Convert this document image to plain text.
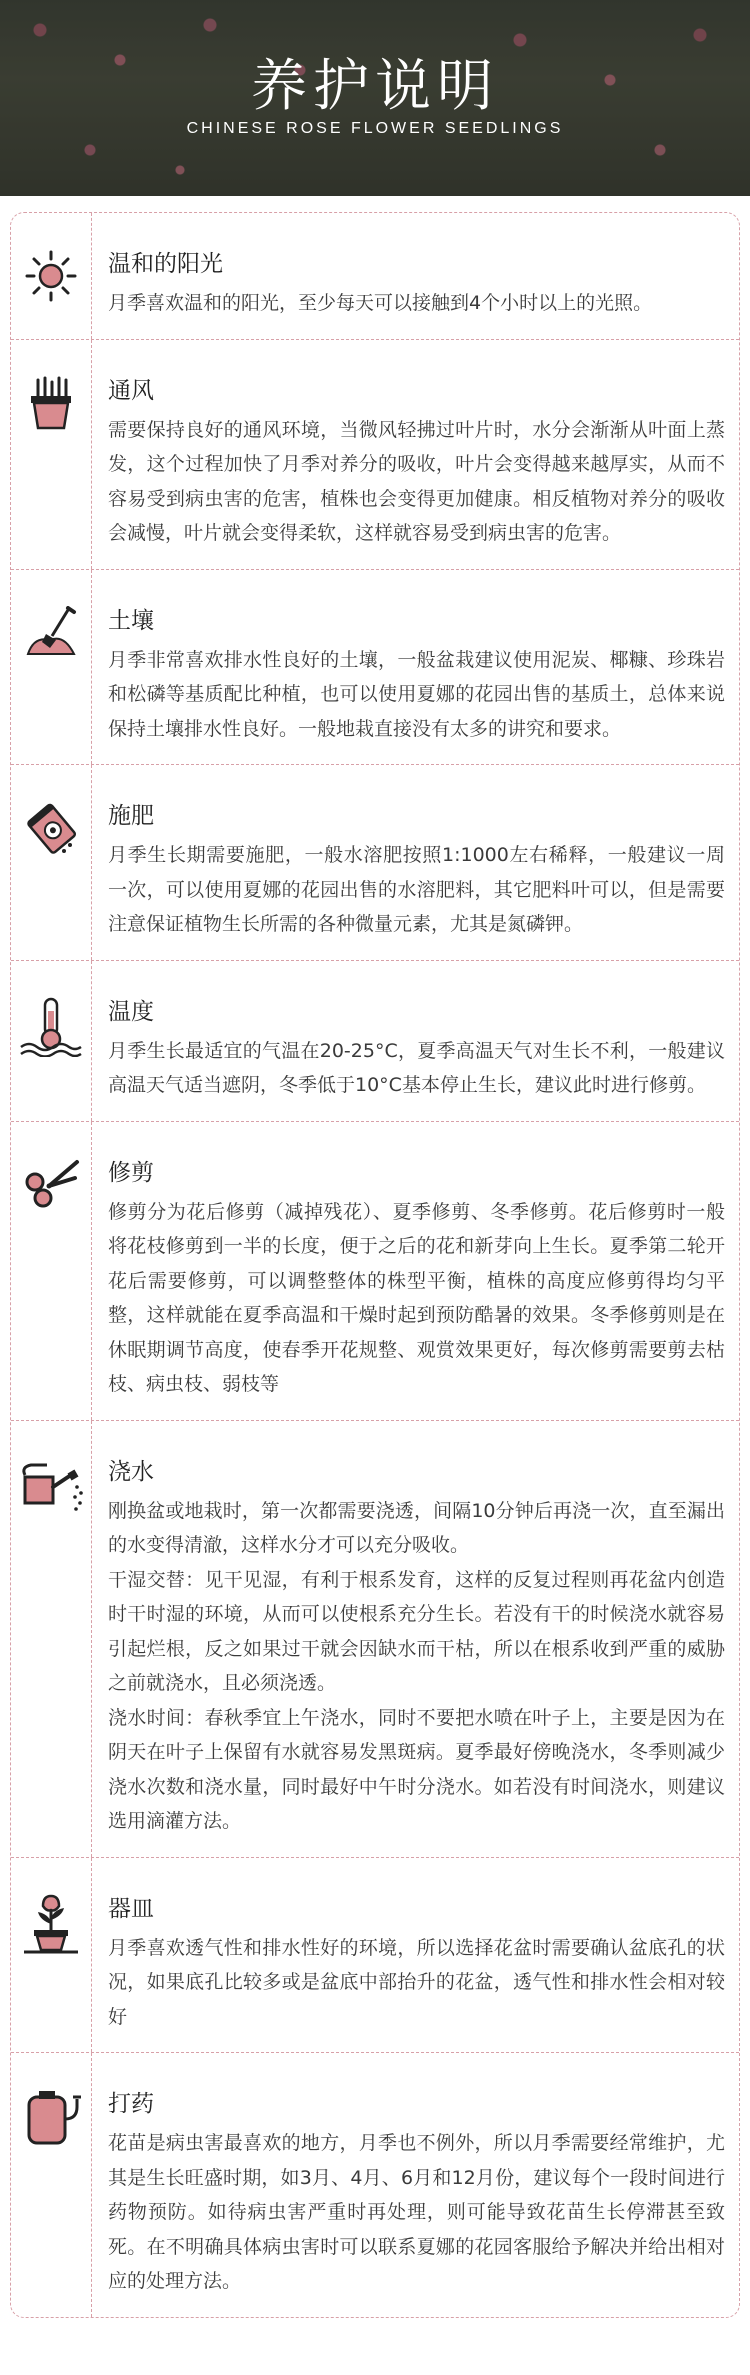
养护说明
CHINESE ROSE FLOWER SEEDLINGS
温和的阳光

月季喜欢温和的阳光，至少每天可以接触到4个小时以上的光照。

通风

需要保持良好的通风环境，当微风轻拂过叶片时，水分会渐渐从叶面上蒸发，这个过程加快了月季对养分的吸收，叶片会变得越来越厚实，从而不容易受到病虫害的危害，植株也会变得更加健康。相反植物对养分的吸收会减慢，叶片就会变得柔软，这样就容易受到病虫害的危害。

土壤

月季非常喜欢排水性良好的土壤，一般盆栽建议使用泥炭、椰糠、珍珠岩和松磷等基质配比种植，也可以使用夏娜的花园出售的基质土，总体来说保持土壤排水性良好。一般地栽直接没有太多的讲究和要求。

施肥

月季生长期需要施肥，一般水溶肥按照1:1000左右稀释，一般建议一周一次，可以使用夏娜的花园出售的水溶肥料，其它肥料叶可以，但是需要注意保证植物生长所需的各种微量元素，尤其是氮磷钾。

温度

月季生长最适宜的气温在20-25°C，夏季高温天气对生长不利，一般建议高温天气适当遮阴，冬季低于10°C基本停止生长，建议此时进行修剪。

修剪

修剪分为花后修剪（减掉残花）、夏季修剪、冬季修剪。花后修剪时一般将花枝修剪到一半的长度，便于之后的花和新芽向上生长。夏季第二轮开花后需要修剪，可以调整整体的株型平衡，植株的高度应修剪得均匀平整，这样就能在夏季高温和干燥时起到预防酷暑的效果。冬季修剪则是在休眠期调节高度，使春季开花规整、观赏效果更好，每次修剪需要剪去枯枝、病虫枝、弱枝等

浇水

刚换盆或地栽时，第一次都需要浇透，间隔10分钟后再浇一次，直至漏出的水变得清澈，这样水分才可以充分吸收。

干湿交替：见干见湿，有利于根系发育，这样的反复过程则再花盆内创造时干时湿的环境，从而可以使根系充分生长。若没有干的时候浇水就容易引起烂根，反之如果过干就会因缺水而干枯，所以在根系收到严重的威胁之前就浇水，且必须浇透。

浇水时间：春秋季宜上午浇水，同时不要把水喷在叶子上，主要是因为在阴天在叶子上保留有水就容易发黑斑病。夏季最好傍晚浇水，冬季则减少浇水次数和浇水量，同时最好中午时分浇水。如若没有时间浇水，则建议选用滴灌方法。

器皿

月季喜欢透气性和排水性好的环境，所以选择花盆时需要确认盆底孔的状况，如果底孔比较多或是盆底中部抬升的花盆，透气性和排水性会相对较好

打药

花苗是病虫害最喜欢的地方，月季也不例外，所以月季需要经常维护，尤其是生长旺盛时期，如3月、4月、6月和12月份，建议每个一段时间进行药物预防。如待病虫害严重时再处理，则可能导致花苗生长停滞甚至致死。在不明确具体病虫害时可以联系夏娜的花园客服给予解决并给出相对应的处理方法。
